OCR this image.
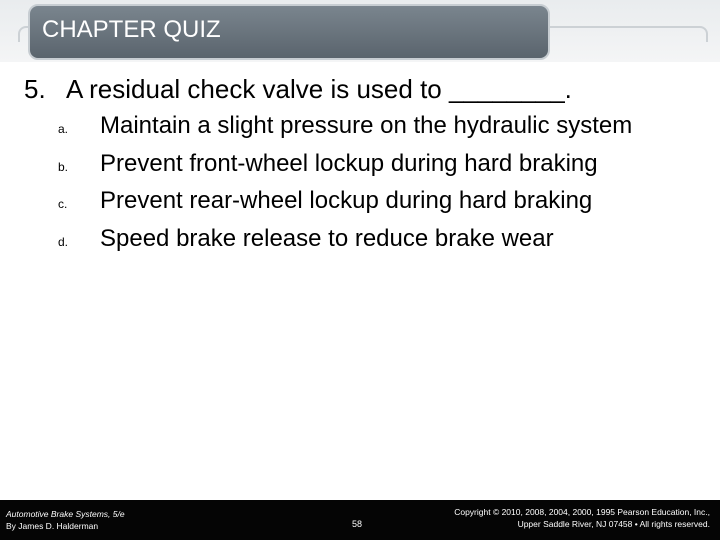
CHAPTER QUIZ
5. A residual check valve is used to ________.
a. Maintain a slight pressure on the hydraulic system
b. Prevent front-wheel lockup during hard braking
c. Prevent rear-wheel lockup during hard braking
d. Speed brake release to reduce brake wear
Automotive Brake Systems, 5/e
By James D. Halderman	58
Copyright © 2010, 2008, 2004, 2000, 1995 Pearson Education, Inc.,
Upper Saddle River, NJ 07458 • All rights reserved.
